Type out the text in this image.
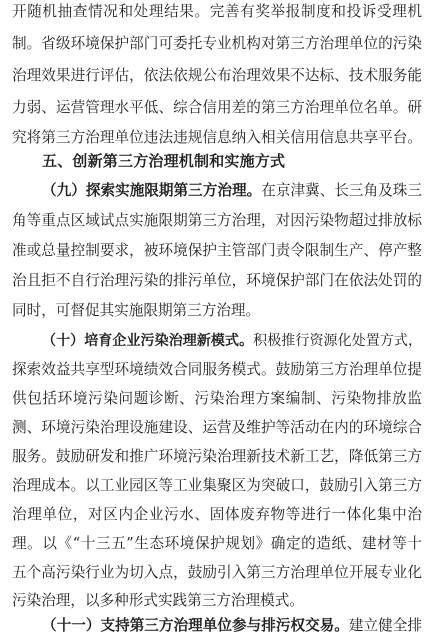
开随机抽查情况和处理结果。完善有奖举报制度和投诉受理机
制。省级环境保护部门可委托专业机构对第三方治理单位的污染
治理效果进行评估，依法依规公布治理效果不达标、技术服务能
力弱、运营管理水平低、综合信用差的第三方治理单位名单。研
究将第三方治理单位违法违规信息纳入相关信用信息共享平台。
五、创新第三方治理机制和实施方式
（九）探索实施限期第三方治理。在京津冀、长三角及珠三
角等重点区域试点实施限期第三方治理，对因污染物超过排放标
准或总量控制要求，被环境保护主管部门责令限制生产、停产整
治且拒不自行治理污染的排污单位，环境保护部门在依法处罚的
同时，可督促其实施限期第三方治理。
（十）培育企业污染治理新模式。积极推行资源化处置方式，
探索效益共享型环境绩效合同服务模式。鼓励第三方治理单位提
供包括环境污染问题诊断、污染治理方案编制、污染物排放监
测、环境污染治理设施建设、运营及维护等活动在内的环境综合
服务。鼓励研发和推广环境污染治理新技术新工艺，降低第三方
治理成本。以工业园区等工业集聚区为突破口，鼓励引入第三方
治理单位，对区内企业污水、固体废弃物等进行一体化集中治
理。以《“十三五”生态环境保护规划》确定的造纸、建材等十
五个高污染行业为切入点，鼓励引入第三方治理单位开展专业化
污染治理，以多种形式实践第三方治理模式。
（十一）支持第三方治理单位参与排污权交易。建立健全排
